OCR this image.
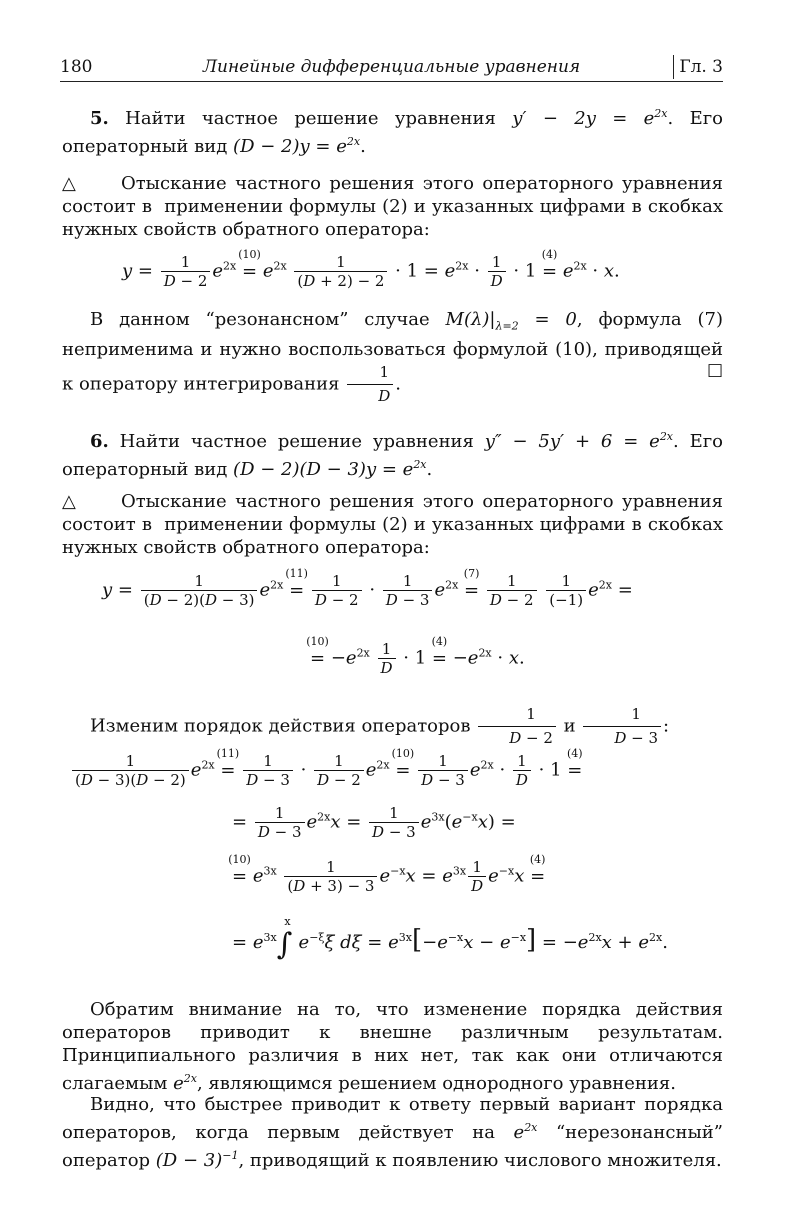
180	Линейные дифференциальные уравнения	Гл. 3
5. Найти частное решение уравнения $y' - 2y = e^{2x}$. Его операторный вид $(D - 2)y = e^{2x}$.
△     Отыскание частного решения этого операторного уравнения состоит в  применении формулы (2) и указанных цифрами в скобках нужных свойств обратного оператора:
$y = \frac{1}{D - 2} e^{2x}$ =
(10)
$e^{2x} \frac{1}{(D + 2) - 2} \cdot 1 = e^{2x} \cdot \frac{1}{D} \cdot 1$ =
(4)
$e^{2x} \cdot x$.
В данном “резонансном” случае $M(\lambda)|_{\lambda=2} = 0$, формула (7) неприменима и нужно воспользоваться формулой (10), приводящей к оператору интегрирования $\frac{1}{D}$ .
□
6. Найти частное решение уравнения $y'' - 5y' + 6 = e^{2x}$. Его операторный вид $(D - 2)(D - 3)y = e^{2x}$.
△     Отыскание частного решения этого операторного уравнения состоит в  применении формулы (2) и указанных цифрами в скобках нужных свойств обратного оператора:
$y = \frac{1}{(D - 2)(D - 3)} e^{2x}$ =
(11)
$\frac{1}{D - 2} \cdot \frac{1}{D - 3} e^{2x}$ =
(7)
$\frac{1}{D - 2}$
$\frac{1}{(-1)} e^{2x}$ =
=
(10)
$-e^{2x} \frac{1}{D} \cdot 1$ =
(4)
$-e^{2x} \cdot x$.
Изменим порядок действия операторов $\frac{1}{D - 2}$ и $\frac{1}{D - 3}$ :
$\frac{1}{(D - 3)(D - 2)} e^{2x}$ =
(11)
$\frac{1}{D - 3} \cdot \frac{1}{D - 2} e^{2x}$ =
(10)
$\frac{1}{D - 3} e^{2x} \cdot \frac{1}{D} \cdot 1$ =
(4)
= $\frac{1}{D - 3} e^{2x}x = \frac{1}{D - 3} e^{3x}(e^{-x}x)$ =
=
(10)
$e^{3x} \frac{1}{(D + 3) - 3} e^{-x}x = e^{3x} \frac{1}{D} e^{-x}x$ =
(4)
= $e^{3x}\int^xe^{-\xi}\xi$ $d\xi = e^{3x}[-e^{-x}x - e^{-x}] = -e^{2x}x + e^{2x}$.
Обратим внимание на то, что изменение порядка действия операторов приводит к внешне различным результатам. Принципиального различия в них нет, так как они отличаются слагаемым $e^{2x}$, являющимся решением однородного уравнения.
Видно, что быстрее приводит к ответу первый вариант порядка операторов, когда первым действует на $e^{2x}$ “нерезонансный” оператор $(D - 3)^{-1}$, приводящий к появлению числового множителя.
